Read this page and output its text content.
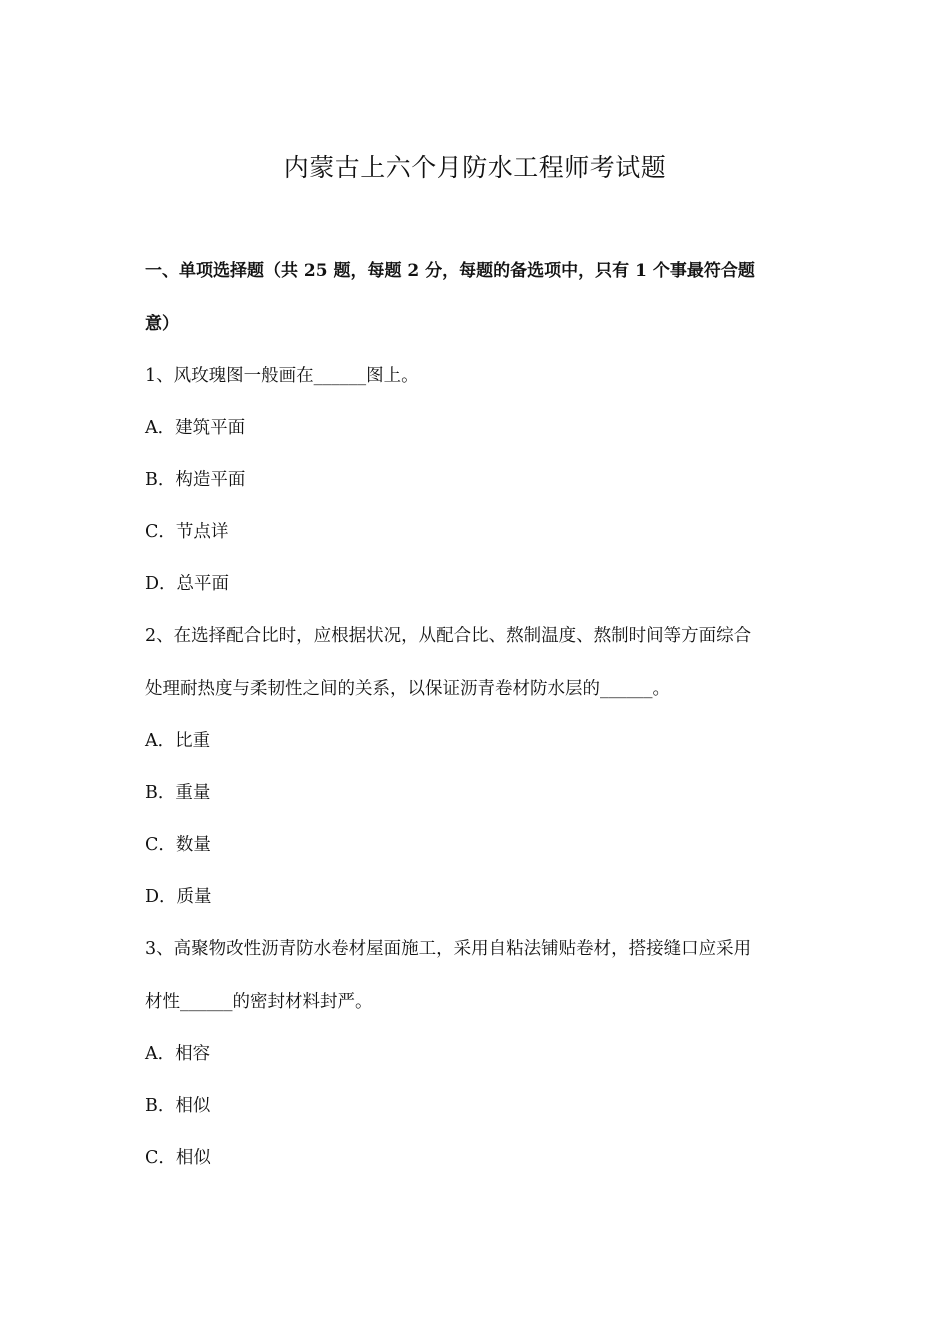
内蒙古上六个月防水工程师考试题
一、单项选择题（共 25 题，每题 2 分，每题的备选项中，只有 1 个事最符合题
意）
1、风玫瑰图一般画在______图上。
A．建筑平面
B．构造平面
C．节点详
D．总平面
2、在选择配合比时，应根据状况，从配合比、熬制温度、熬制时间等方面综合
处理耐热度与柔韧性之间的关系，以保证沥青卷材防水层的______。
A．比重
B．重量
C．数量
D．质量
3、高聚物改性沥青防水卷材屋面施工，采用自粘法铺贴卷材，搭接缝口应采用
材性______的密封材料封严。
A．相容
B．相似
C．相似
